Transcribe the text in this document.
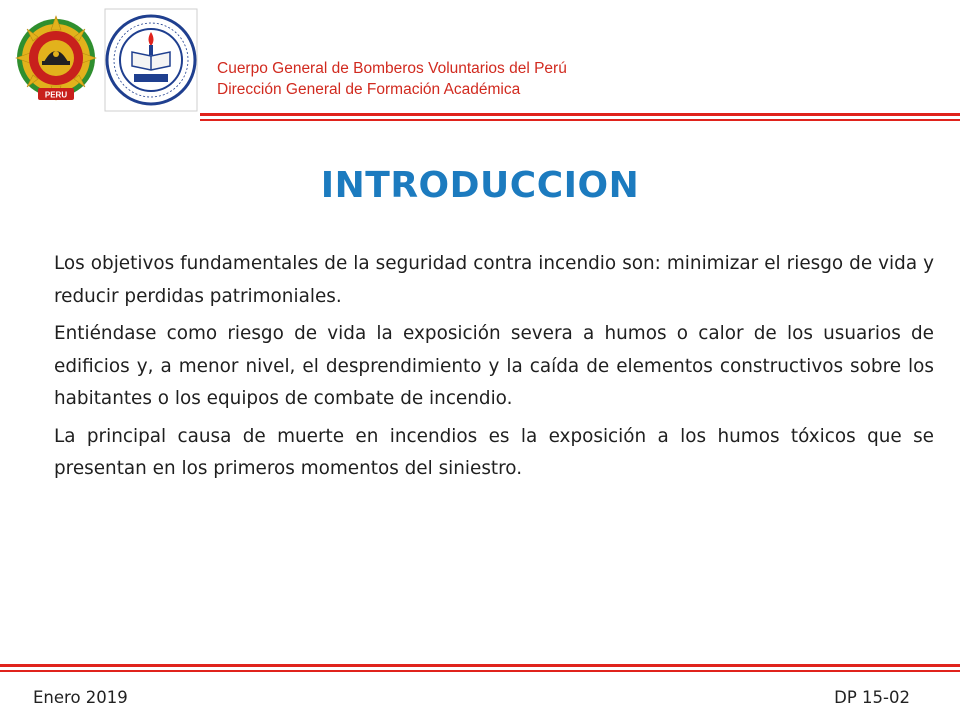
PERU
Cuerpo General de Bomberos Voluntarios del Perú
Dirección General de Formación Académica
INTRODUCCION

Los objetivos fundamentales de la seguridad contra incendio son: minimizar el riesgo de vida y reducir perdidas patrimoniales.

Entiéndase como riesgo de vida la exposición severa a humos o calor de los usuarios de edificios y, a menor nivel, el desprendimiento y la caída de elementos constructivos sobre los habitantes o los equipos de combate de incendio.

La principal causa de muerte en incendios es la exposición a los humos tóxicos que se presentan en los primeros momentos del siniestro.

Enero 2019	DP 15-02
